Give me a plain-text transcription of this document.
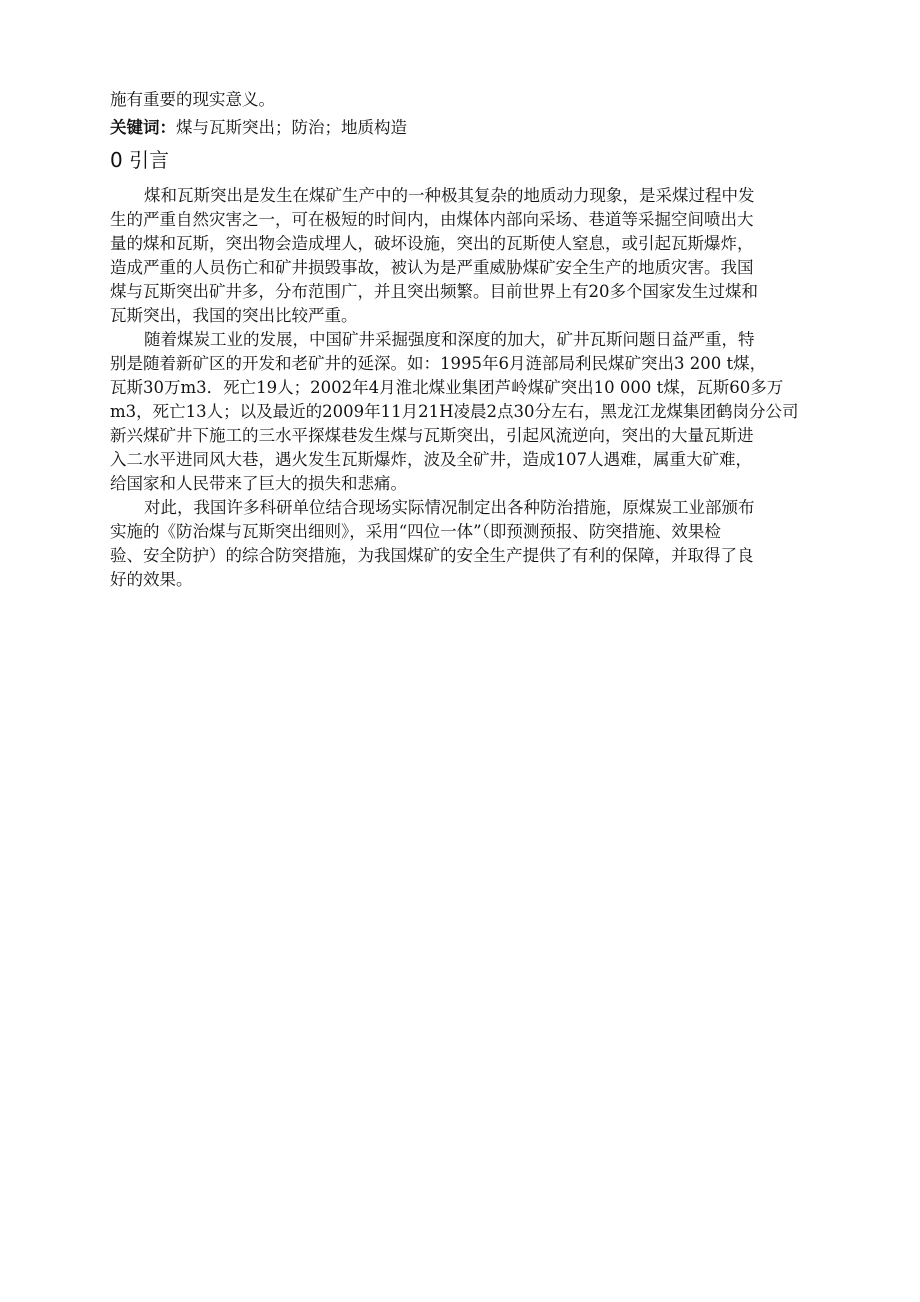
施有重要的现实意义。
关键词：煤与瓦斯突出；防治；地质构造
0 引言
煤和瓦斯突出是发生在煤矿生产中的一种极其复杂的地质动力现象，是采煤过程中发
生的严重自然灾害之一，可在极短的时间内，由煤体内部向采场、巷道等采掘空间喷出大
量的煤和瓦斯，突出物会造成埋人，破坏设施，突出的瓦斯使人窒息，或引起瓦斯爆炸，
造成严重的人员伤亡和矿井损毁事故，被认为是严重威胁煤矿安全生产的地质灾害。我国
煤与瓦斯突出矿井多，分布范围广，并且突出频繁。目前世界上有20多个国家发生过煤和
瓦斯突出，我国的突出比较严重。
随着煤炭工业的发展，中国矿井采掘强度和深度的加大，矿井瓦斯问题日益严重，特
别是随着新矿区的开发和老矿井的延深。如：1995年6月涟部局利民煤矿突出3 200 t煤，
瓦斯30万m3．死亡19人；2002年4月淮北煤业集团芦岭煤矿突出10 000 t煤，瓦斯60多万
m3，死亡13人；以及最近的2009年11月21H凌晨2点30分左右，黑龙江龙煤集团鹤岗分公司
新兴煤矿井下施工的三水平探煤巷发生煤与瓦斯突出，引起风流逆向，突出的大量瓦斯进
入二水平进同风大巷，遇火发生瓦斯爆炸，波及全矿井，造成107人遇难，属重大矿难，
给国家和人民带来了巨大的损失和悲痛。
对此，我国许多科研单位结合现场实际情况制定出各种防治措施，原煤炭工业部颁布
实施的《防治煤与瓦斯突出细则》，采用“四位一体”（即预测预报、防突措施、效果检
验、安全防护）的综合防突措施，为我国煤矿的安全生产提供了有利的保障，并取得了良
好的效果。
